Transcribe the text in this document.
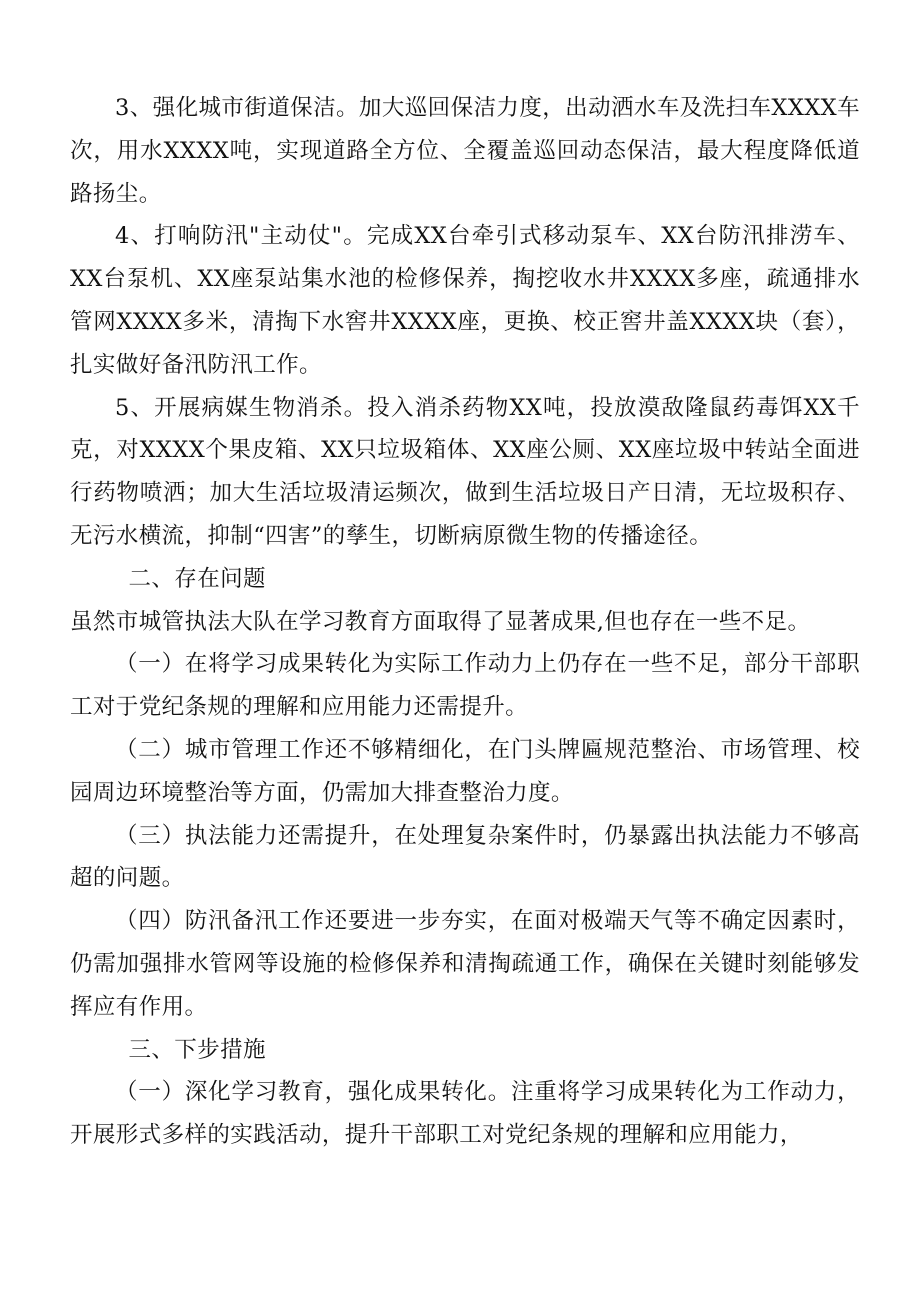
3、强化城市街道保洁。加大巡回保洁力度，出动洒水车及洗扫车XXXX车次，用水XXXX吨，实现道路全方位、全覆盖巡回动态保洁，最大程度降低道路扬尘。

4、打响防汛"主动仗"。完成XX台牵引式移动泵车、XX台防汛排涝车、XX台泵机、XX座泵站集水池的检修保养，掏挖收水井XXXX多座，疏通排水管网XXXX多米，清掏下水窖井XXXX座，更换、校正窖井盖XXXX块（套），扎实做好备汛防汛工作。

5、开展病媒生物消杀。投入消杀药物XX吨，投放漠敌隆鼠药毒饵XX千克，对XXXX个果皮箱、XX只垃圾箱体、XX座公厕、XX座垃圾中转站全面进行药物喷洒；加大生活垃圾清运频次，做到生活垃圾日产日清，无垃圾积存、无污水横流，抑制“四害”的孳生，切断病原微生物的传播途径。

二、存在问题

虽然市城管执法大队在学习教育方面取得了显著成果,但也存在一些不足。

（一）在将学习成果转化为实际工作动力上仍存在一些不足，部分干部职工对于党纪条规的理解和应用能力还需提升。

（二）城市管理工作还不够精细化，在门头牌匾规范整治、市场管理、校园周边环境整治等方面，仍需加大排查整治力度。

（三）执法能力还需提升，在处理复杂案件时，仍暴露出执法能力不够高超的问题。

（四）防汛备汛工作还要进一步夯实，在面对极端天气等不确定因素时，仍需加强排水管网等设施的检修保养和清掏疏通工作，确保在关键时刻能够发挥应有作用。

三、下步措施

（一）深化学习教育，强化成果转化。注重将学习成果转化为工作动力，开展形式多样的实践活动，提升干部职工对党纪条规的理解和应用能力，
